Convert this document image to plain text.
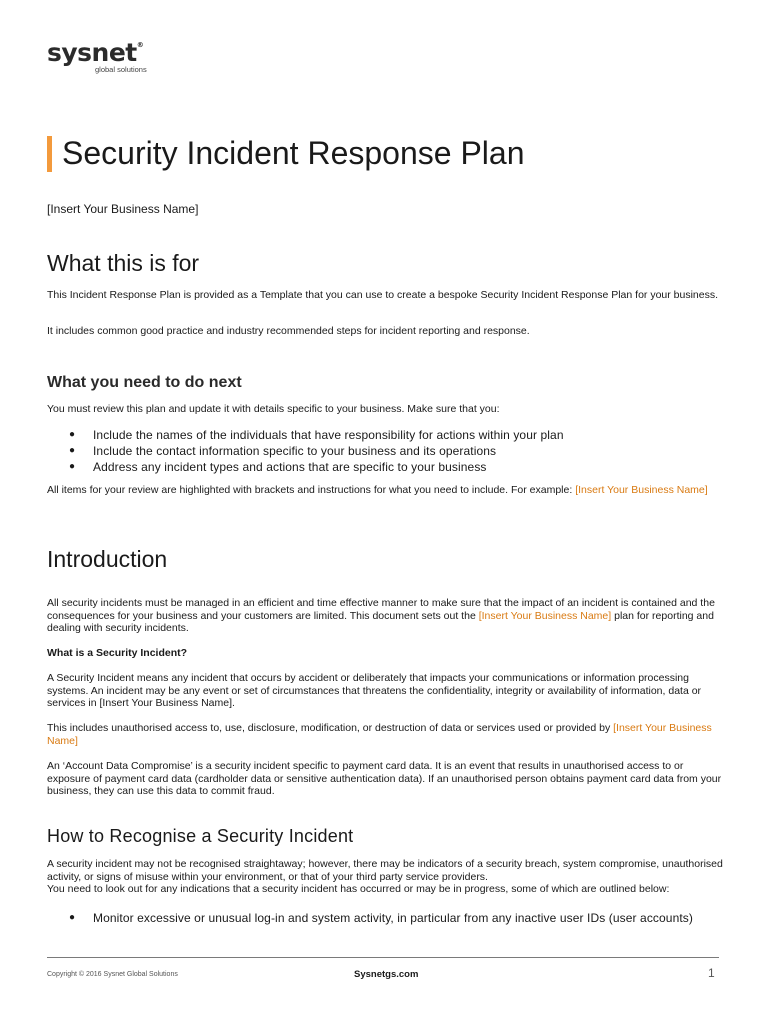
sysnet®
global solutions
Security Incident Response Plan
[Insert Your Business Name]
What this is for

This Incident Response Plan is provided as a Template that you can use to create a bespoke Security Incident Response Plan for your business.

It includes common good practice and industry recommended steps for incident reporting and response.

What you need to do next

You must review this plan and update it with details specific to your business. Make sure that you:

● Include the names of the individuals that have responsibility for actions within your plan
● Include the contact information specific to your business and its operations
● Address any incident types and actions that are specific to your business

All items for your review are highlighted with brackets and instructions for what you need to include. For example: [Insert Your Business Name]

Introduction

All security incidents must be managed in an efficient and time effective manner to make sure that the impact of an incident is contained and the consequences for your business and your customers are limited. This document sets out the [Insert Your Business Name] plan for reporting and dealing with security incidents.

What is a Security Incident?

A Security Incident means any incident that occurs by accident or deliberately that impacts your communications or information processing systems. An incident may be any event or set of circumstances that threatens the confidentiality, integrity or availability of information, data or services in [Insert Your Business Name].

This includes unauthorised access to, use, disclosure, modification, or destruction of data or services used or provided by [Insert Your Business Name]

An ‘Account Data Compromise’ is a security incident specific to payment card data. It is an event that results in unauthorised access to or exposure of payment card data (cardholder data or sensitive authentication data). If an unauthorised person obtains payment card data from your business, they can use this data to commit fraud.

How to Recognise a Security Incident

A security incident may not be recognised straightaway; however, there may be indicators of a security breach, system compromise, unauthorised activity, or signs of misuse within your environment, or that of your third party service providers.

You need to look out for any indications that a security incident has occurred or may be in progress, some of which are outlined below:

● Monitor excessive or unusual log-in and system activity, in particular from any inactive user IDs (user accounts)
Copyright © 2016 Sysnet Global Solutions	Sysnetgs.com	1
